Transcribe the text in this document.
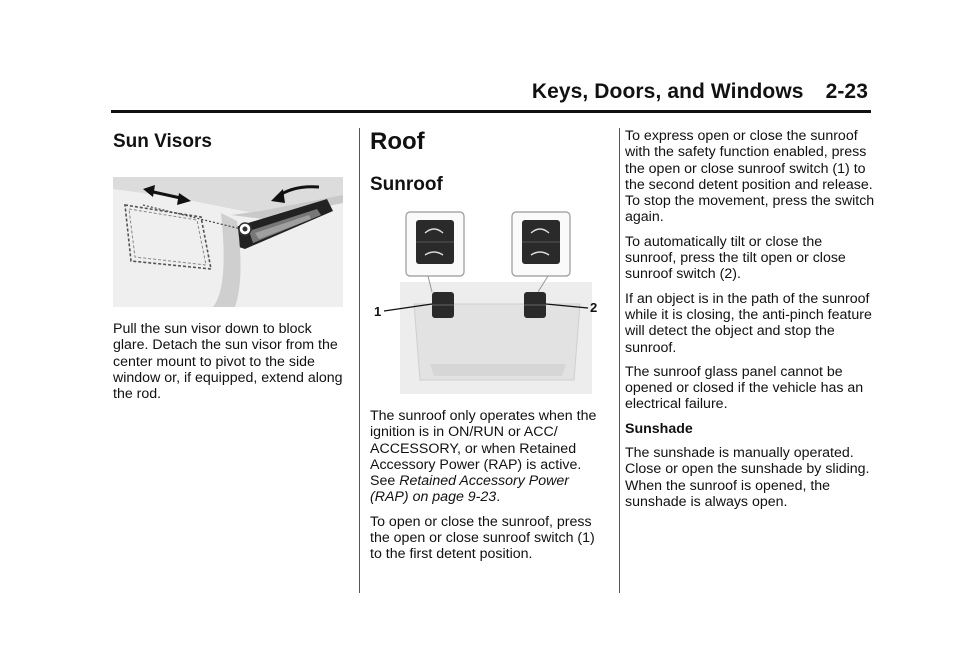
Keys, Doors, and Windows 2-23
Sun Visors

Pull the sun visor down to block glare. Detach the sun visor from the center mount to pivot to the side window or, if equipped, extend along the rod.

Roof
Sunroof
1	2

The sunroof only operates when the ignition is in ON/RUN or ACC/ ACCESSORY, or when Retained Accessory Power (RAP) is active. See Retained Accessory Power (RAP) on page 9-23.

To open or close the sunroof, press the open or close sunroof switch (1) to the first detent position.

To express open or close the sunroof with the safety function enabled, press the open or close sunroof switch (1) to the second detent position and release. To stop the movement, press the switch again.

To automatically tilt or close the sunroof, press the tilt open or close sunroof switch (2).

If an object is in the path of the sunroof while it is closing, the anti-pinch feature will detect the object and stop the sunroof.

The sunroof glass panel cannot be opened or closed if the vehicle has an electrical failure.

Sunshade

The sunshade is manually operated. Close or open the sunshade by sliding. When the sunroof is opened, the sunshade is always open.
